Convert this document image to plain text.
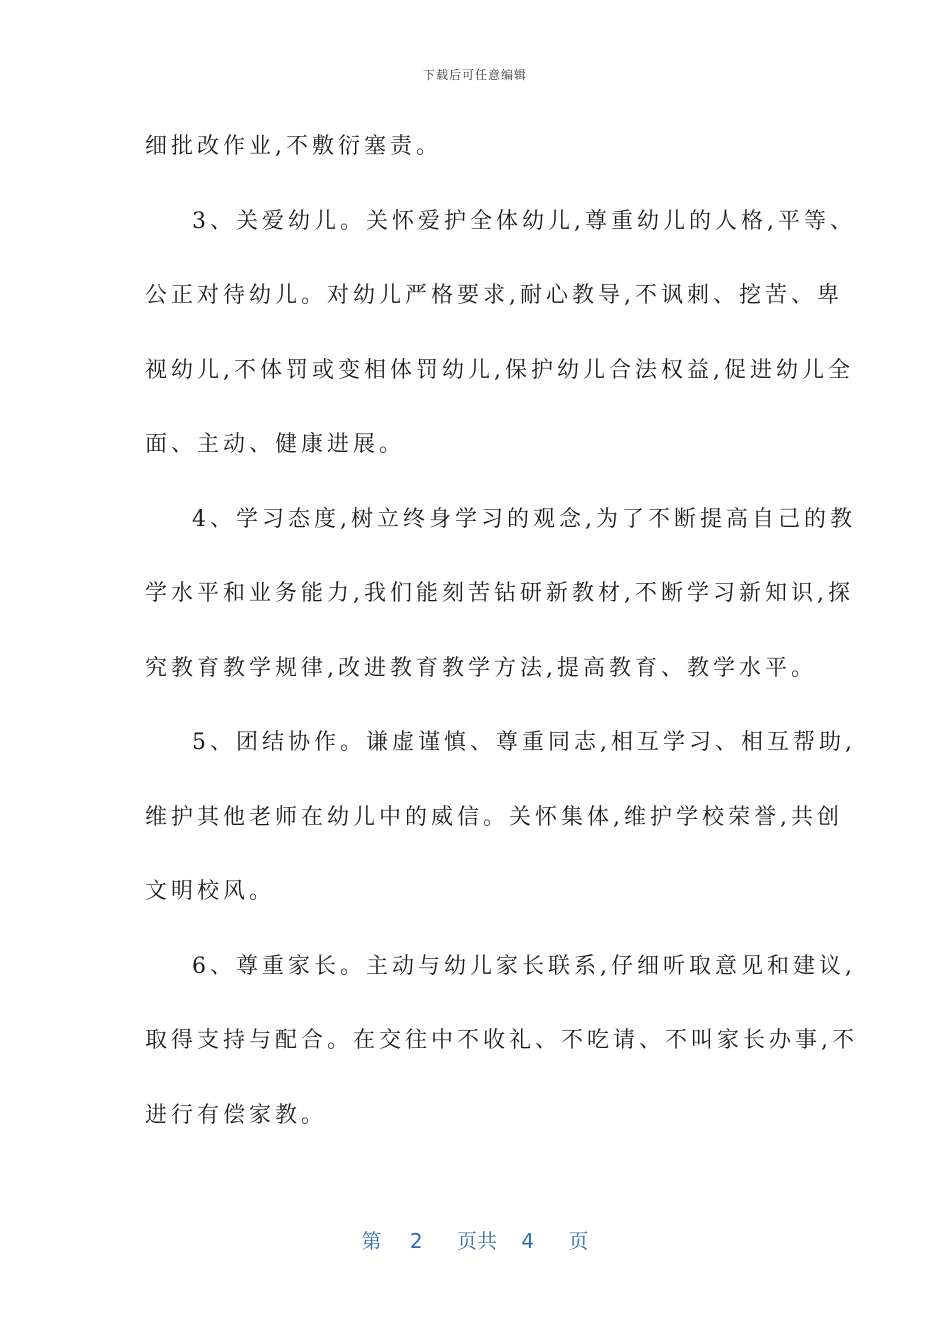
下载后可任意编辑
细批改作业,不敷衍塞责。
3、关爱幼儿。关怀爱护全体幼儿,尊重幼儿的人格,平等、
公正对待幼儿。对幼儿严格要求,耐心教导,不讽刺、挖苦、卑
视幼儿,不体罚或变相体罚幼儿,保护幼儿合法权益,促进幼儿全
面、主动、健康进展。
4、学习态度,树立终身学习的观念,为了不断提高自己的教
学水平和业务能力,我们能刻苦钻研新教材,不断学习新知识,探
究教育教学规律,改进教育教学方法,提高教育、教学水平。
5、团结协作。谦虚谨慎、尊重同志,相互学习、相互帮助,
维护其他老师在幼儿中的威信。关怀集体,维护学校荣誉,共创
文明校风。
6、尊重家长。主动与幼儿家长联系,仔细听取意见和建议,
取得支持与配合。在交往中不收礼、不吃请、不叫家长办事,不
进行有偿家教。
第 2 页共 4 页
